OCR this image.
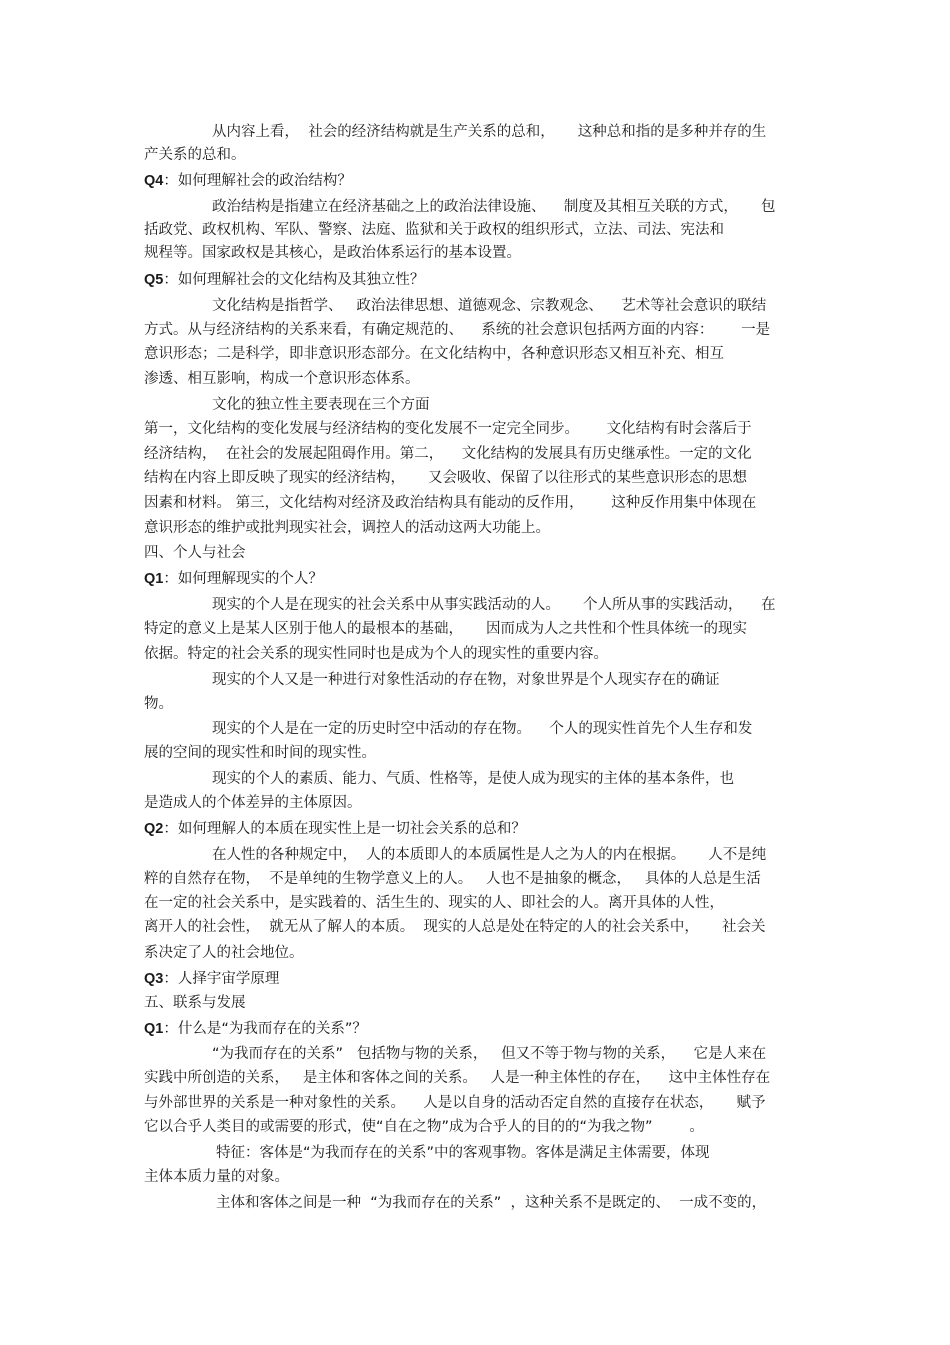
从内容上看，  社会的经济结构就是生产关系的总和，     这种总和指的是多种并存的生
产关系的总和。
Q4：如何理解社会的政治结构？
政治结构是指建立在经济基础之上的政治法律设施、    制度及其相互关联的方式，     包
括政党、政权机构、军队、警察、法庭、监狱和关于政权的组织形式，立法、司法、宪法和
规程等。国家政权是其核心，是政治体系运行的基本设置。
Q5：如何理解社会的文化结构及其独立性？
文化结构是指哲学、   政治法律思想、道德观念、宗教观念、    艺术等社会意识的联结
方式。从与经济结构的关系来看，有确定规范的、    系统的社会意识包括两方面的内容：      一是
意识形态；二是科学，即非意识形态部分。在文化结构中，各种意识形态又相互补充、相互
渗透、相互影响，构成一个意识形态体系。
文化的独立性主要表现在三个方面
第一，文化结构的变化发展与经济结构的变化发展不一定完全同步。      文化结构有时会落后于
经济结构，  在社会的发展起阻碍作用。第二，    文化结构的发展具有历史继承性。一定的文化
结构在内容上即反映了现实的经济结构，     又会吸收、保留了以往形式的某些意识形态的思想
因素和材料。 第三，文化结构对经济及政治结构具有能动的反作用，      这种反作用集中体现在
意识形态的维护或批判现实社会，调控人的活动这两大功能上。
四、个人与社会
Q1：如何理解现实的个人？
现实的个人是在现实的社会关系中从事实践活动的人。     个人所从事的实践活动，    在
特定的意义上是某人区别于他人的最根本的基础，     因而成为人之共性和个性具体统一的现实
依据。特定的社会关系的现实性同时也是成为个人的现实性的重要内容。
现实的个人又是一种进行对象性活动的存在物，对象世界是个人现实存在的确证
物。
现实的个人是在一定的历史时空中活动的存在物。    个人的现实性首先个人生存和发
展的空间的现实性和时间的现实性。
现实的个人的素质、能力、气质、性格等，是使人成为现实的主体的基本条件，也
是造成人的个体差异的主体原因。
Q2：如何理解人的本质在现实性上是一切社会关系的总和？
在人性的各种规定中，  人的本质即人的本质属性是人之为人的内在根据。     人不是纯
粹的自然存在物，  不是单纯的生物学意义上的人。   人也不是抽象的概念，   具体的人总是生活
在一定的社会关系中，是实践着的、活生生的、现实的人、即社会的人。离开具体的人性，
离开人的社会性，  就无从了解人的本质。  现实的人总是处在特定的人的社会关系中，     社会关
系决定了人的社会地位。
Q3：人择宇宙学原理
五、联系与发展
Q1：什么是“为我而存在的关系”？
“为我而存在的关系”   包括物与物的关系，   但又不等于物与物的关系，    它是人来在
实践中所创造的关系，   是主体和客体之间的关系。   人是一种主体性的存在，    这中主体性存在
与外部世界的关系是一种对象性的关系。    人是以自身的活动否定自然的直接存在状态，     赋予
它以合乎人类目的或需要的形式，使“自在之物”成为合乎人的目的的“为我之物”        。
特征：客体是“为我而存在的关系”中的客观事物。客体是满足主体需要，体现
主体本质力量的对象。
主体和客体之间是一种  “为我而存在的关系”  ，这种关系不是既定的、  一成不变的，
